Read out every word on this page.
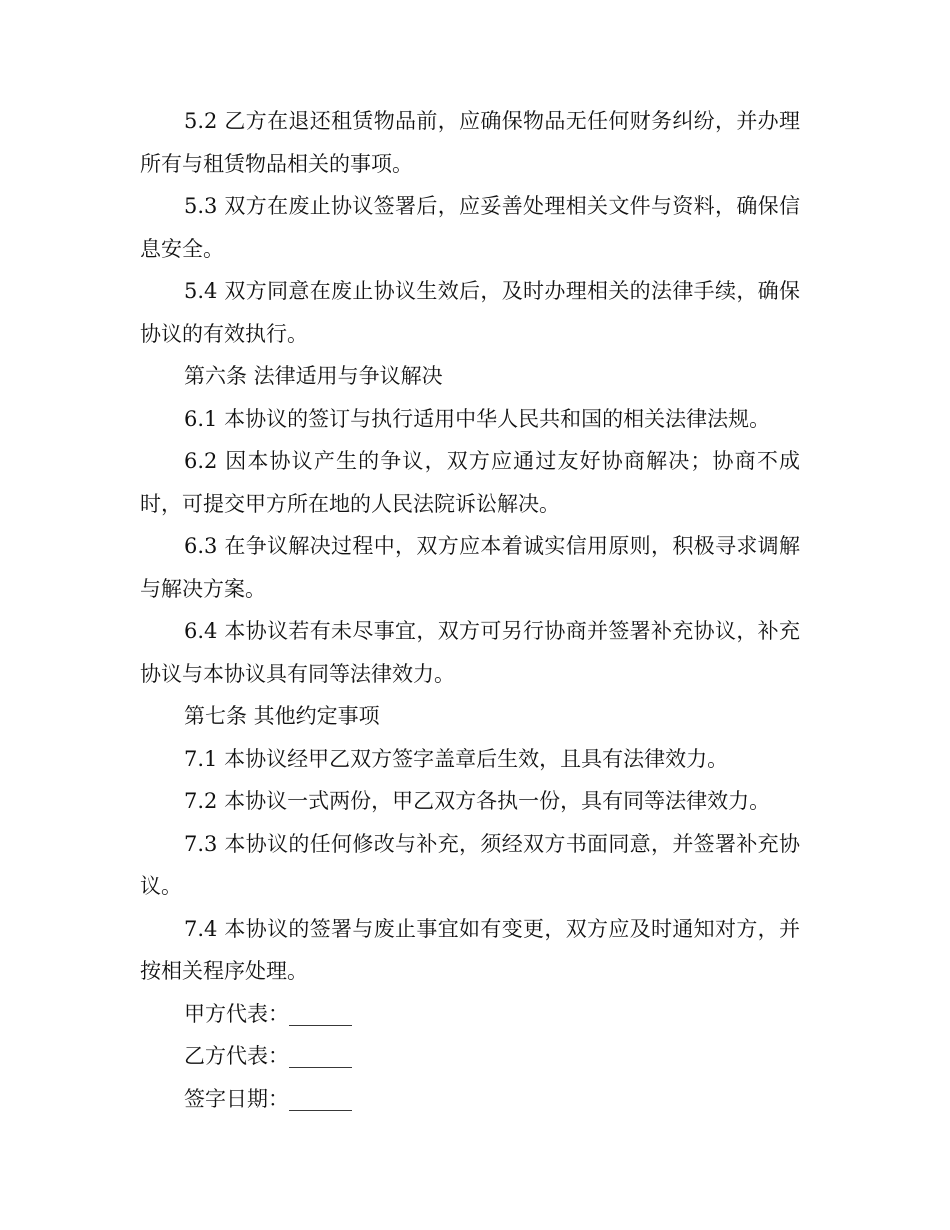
5.2 乙方在退还租赁物品前，应确保物品无任何财务纠纷，并办理所有与租赁物品相关的事项。

5.3 双方在废止协议签署后，应妥善处理相关文件与资料，确保信息安全。

5.4 双方同意在废止协议生效后，及时办理相关的法律手续，确保协议的有效执行。

第六条 法律适用与争议解决

6.1 本协议的签订与执行适用中华人民共和国的相关法律法规。

6.2 因本协议产生的争议，双方应通过友好协商解决；协商不成时，可提交甲方所在地的人民法院诉讼解决。

6.3 在争议解决过程中，双方应本着诚实信用原则，积极寻求调解与解决方案。

6.4 本协议若有未尽事宜，双方可另行协商并签署补充协议，补充协议与本协议具有同等法律效力。

第七条 其他约定事项

7.1 本协议经甲乙双方签字盖章后生效，且具有法律效力。

7.2 本协议一式两份，甲乙双方各执一份，具有同等法律效力。

7.3 本协议的任何修改与补充，须经双方书面同意，并签署补充协议。

7.4 本协议的签署与废止事宜如有变更，双方应及时通知对方，并按相关程序处理。

甲方代表：______

乙方代表：______

签字日期：______
